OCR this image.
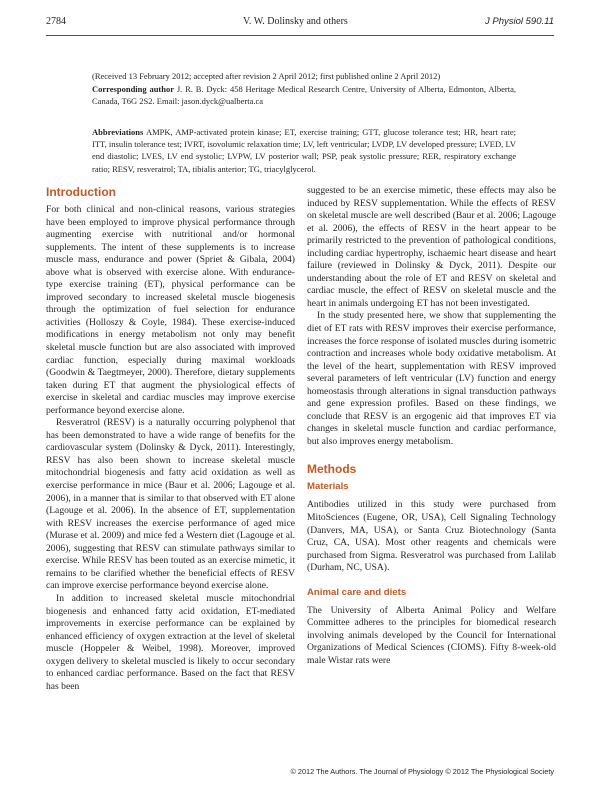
2784	V. W. Dolinsky and others	J Physiol 590.11
(Received 13 February 2012; accepted after revision 2 April 2012; first published online 2 April 2012)
Corresponding author J. R. B. Dyck: 458 Heritage Medical Research Centre, University of Alberta, Edmonton, Alberta, Canada, T6G 2S2. Email: jason.dyck@ualberta.ca
Abbreviations AMPK, AMP-activated protein kinase; ET, exercise training; GTT, glucose tolerance test; HR, heart rate; ITT, insulin tolerance test; IVRT, isovolumic relaxation time; LV, left ventricular; LVDP, LV developed pressure; LVED, LV end diastolic; LVES, LV end systolic; LVPW, LV posterior wall; PSP, peak systolic pressure; RER, respiratory exchange ratio; RESV, resveratrol; TA, tibialis anterior; TG, triacylglycerol.
Introduction

For both clinical and non-clinical reasons, various strategies have been employed to improve physical performance through augmenting exercise with nutritional and/or hormonal supplements. The intent of these supplements is to increase muscle mass, endurance and power (Spriet & Gibala, 2004) above what is observed with exercise alone. With endurance-type exercise training (ET), physical performance can be improved secondary to increased skeletal muscle biogenesis through the optimization of fuel selection for endurance activities (Holloszy & Coyle, 1984). These exercise-induced modifications in energy metabolism not only may benefit skeletal muscle function but are also associated with improved cardiac function, especially during maximal workloads (Goodwin & Taegtmeyer, 2000). Therefore, dietary supplements taken during ET that augment the physiological effects of exercise in skeletal and cardiac muscles may improve exercise performance beyond exercise alone.

Resveratrol (RESV) is a naturally occurring polyphenol that has been demonstrated to have a wide range of benefits for the cardiovascular system (Dolinsky & Dyck, 2011). Interestingly, RESV has also been shown to increase skeletal muscle mitochondrial biogenesis and fatty acid oxidation as well as exercise performance in mice (Baur et al. 2006; Lagouge et al. 2006), in a manner that is similar to that observed with ET alone (Lagouge et al. 2006). In the absence of ET, supplementation with RESV increases the exercise performance of aged mice (Murase et al. 2009) and mice fed a Western diet (Lagouge et al. 2006), suggesting that RESV can stimulate pathways similar to exercise. While RESV has been touted as an exercise mimetic, it remains to be clarified whether the beneficial effects of RESV can improve exercise performance beyond exercise alone.

In addition to increased skeletal muscle mitochondrial biogenesis and enhanced fatty acid oxidation, ET-mediated improvements in exercise performance can be explained by enhanced efficiency of oxygen extraction at the level of skeletal muscle (Hoppeler & Weibel, 1998). Moreover, improved oxygen delivery to skeletal muscled is likely to occur secondary to enhanced cardiac performance. Based on the fact that RESV has been

suggested to be an exercise mimetic, these effects may also be induced by RESV supplementation. While the effects of RESV on skeletal muscle are well described (Baur et al. 2006; Lagouge et al. 2006), the effects of RESV in the heart appear to be primarily restricted to the prevention of pathological conditions, including cardiac hypertrophy, ischaemic heart disease and heart failure (reviewed in Dolinsky & Dyck, 2011). Despite our understanding about the role of ET and RESV on skeletal and cardiac muscle, the effect of RESV on skeletal muscle and the heart in animals undergoing ET has not been investigated.

In the study presented here, we show that supplementing the diet of ET rats with RESV improves their exercise performance, increases the force response of isolated muscles during isometric contraction and increases whole body oxidative metabolism. At the level of the heart, supplementation with RESV improved several parameters of left ventricular (LV) function and energy homeostasis through alterations in signal transduction pathways and gene expression profiles. Based on these findings, we conclude that RESV is an ergogenic aid that improves ET via changes in skeletal muscle function and cardiac performance, but also improves energy metabolism.

Methods
Materials

Antibodies utilized in this study were purchased from MitoSciences (Eugene, OR, USA), Cell Signaling Technology (Danvers, MA, USA), or Santa Cruz Biotechnology (Santa Cruz, CA, USA). Most other reagents and chemicals were purchased from Sigma. Resveratrol was purchased from Lalilab (Durham, NC, USA).

Animal care and diets

The University of Alberta Animal Policy and Welfare Committee adheres to the principles for biomedical research involving animals developed by the Council for International Organizations of Medical Sciences (CIOMS). Fifty 8-week-old male Wistar rats were

© 2012 The Authors. The Journal of Physiology © 2012 The Physiological Society
